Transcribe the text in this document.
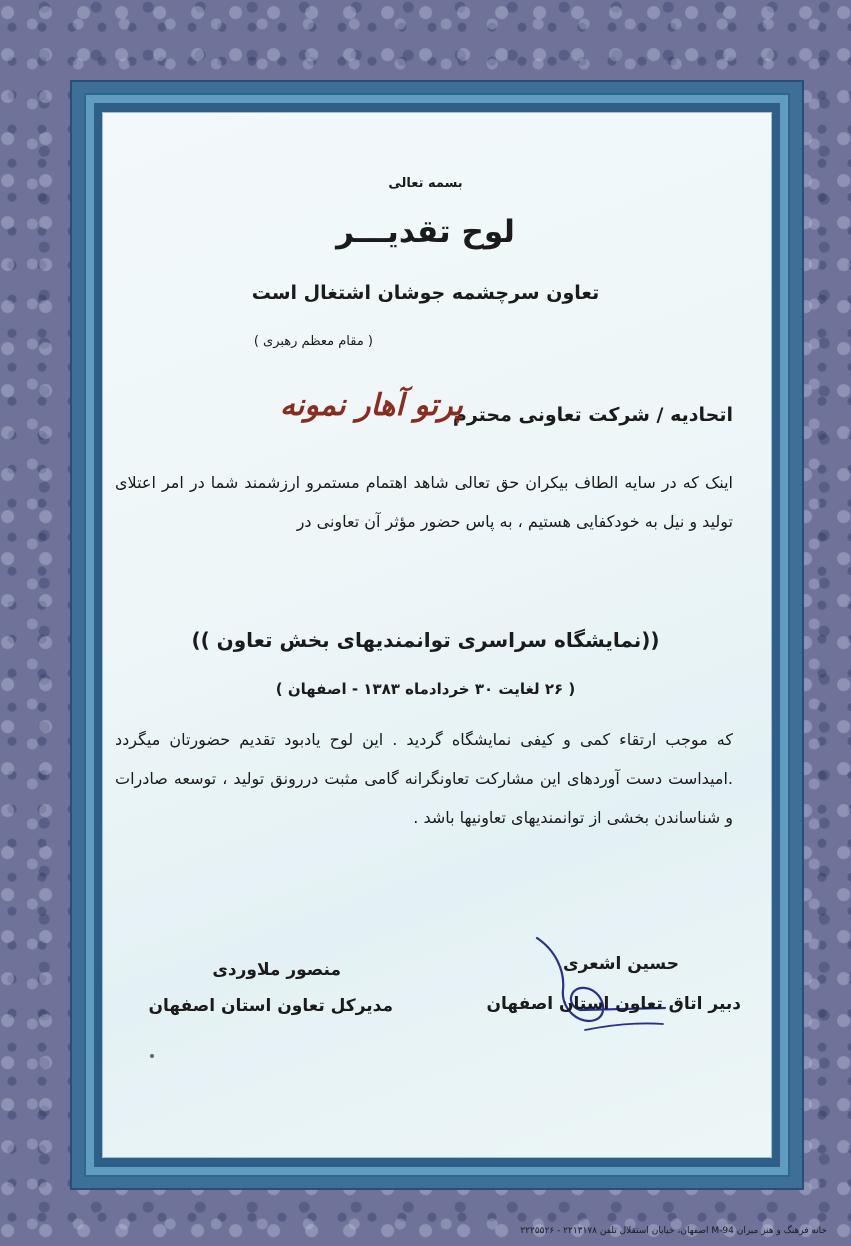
بسمه تعالی
لوح تقدیـــر
تعاون سرچشمه جوشان اشتغال است
( مقام معظم رهبری )
اتحادیه / شرکت تعاونی محترم
پرتو آهار نمونه
اینک که در سایه الطاف بیکران حق تعالی شاهد اهتمام مستمرو ارزشمند شما در امر اعتلای تولید و نیل به خودکفایی هستیم ، به پاس حضور مؤثر آن تعاونی در
((نمایشگاه سراسری توانمندیهای بخش تعاون ))
( ۲۶ لغایت ۳۰ خردادماه ۱۳۸۳ - اصفهان )
که موجب ارتقاء کمی و کیفی نمایشگاه گردید . این لوح یادبود تقدیم حضورتان میگردد .امیداست دست آوردهای این مشارکت تعاونگرانه گامی مثبت دررونق تولید ، توسعه صادرات و شناساندن بخشی از توانمندیهای تعاونیها باشد .
حسین اشعری
دبیر اتاق تعاون استان اصفهان
منصور ملاوردی
مدیرکل تعاون استان اصفهان
خانه فرهنگ و هنر میران M-94 اصفهان، خیابان استقلال تلفن ۲۲۱۳۱۷۸ - ۲۲۲۵۵۲۶
